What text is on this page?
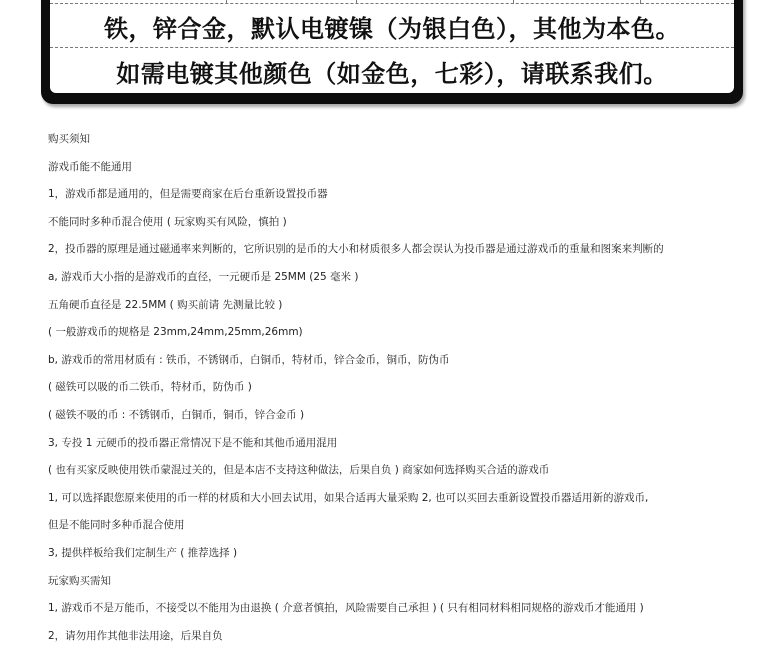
铁，锌合金，默认电镀镍（为银白色），其他为本色。
如需电镀其他颜色（如金色，七彩），请联系我们。
购买须知
游戏币能不能通用
1，游戏币都是通用的，但是需要商家在后台重新设置投币器
不能同时多种币混合使用 ( 玩家购买有风险，慎拍 )
2，投币器的原理是通过磁通率来判断的，它所识别的是币的大小和材质很多人都会误认为投币器是通过游戏币的重量和图案来判断的
a, 游戏币大小指的是游戏币的直径，一元硬币是 25MM (25 毫米 )
五角硬币直径是 22.5MM ( 购买前请 先测量比较 )
( 一般游戏币的规格是 23mm,24mm,25mm,26mm)
b, 游戏币的常用材质有 : 铁币，不锈钢币，白铜币，特材币，锌合金币，铜币，防伪币
( 磁铁可以吸的币二铁币，特材币，防伪币 )
( 磁铁不吸的币 : 不锈钢币，白铜币，铜币，锌合金币 )
3, 专投 1 元硬币的投币器正常情况下是不能和其他币通用混用
( 也有买家反映使用铁币蒙混过关的，但是本店不支持这种做法，后果自负 ) 商家如何选择购买合适的游戏币
1, 可以选择跟您原来使用的币一样的材质和大小回去试用，如果合适再大量采购 2, 也可以买回去重新设置投币器适用新的游戏币,
但是不能同时多种币混合使用
3, 提供样板给我们定制生产 ( 推荐选择 )
玩家购买需知
1, 游戏币不是万能币，不接受以不能用为由退换 ( 介意者慎拍，风险需要自己承担 ) ( 只有相同材料相同规格的游戏币才能通用 )
2，请勿用作其他非法用途，后果自负
